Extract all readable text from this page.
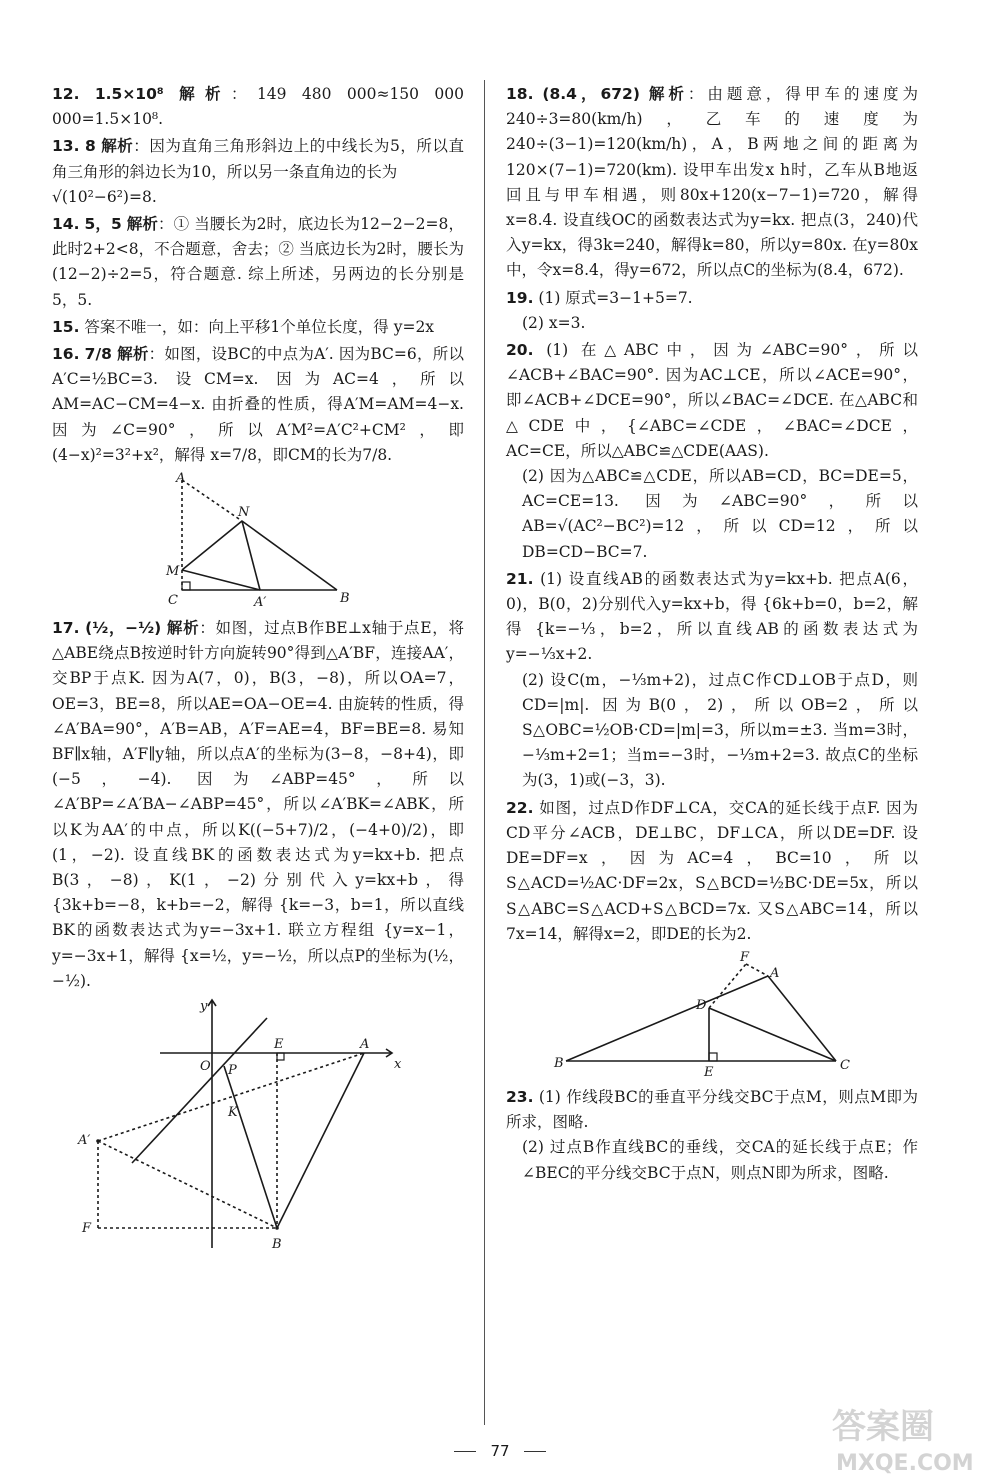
12. 1.5×10⁸ 解析：149 480 000≈150 000 000=1.5×10⁸.
13. 8 解析：因为直角三角形斜边上的中线长为5，所以直角三角形的斜边长为10，所以另一条直角边的长为
√(10²−6²)=8.
14. 5，5 解析：① 当腰长为2时，底边长为12−2−2=8，此时2+2<8，不合题意，舍去；② 当底边长为2时，腰长为(12−2)÷2=5，符合题意. 综上所述，另两边的长分别是5，5.
15. 答案不唯一，如：向上平移1个单位长度，得 y=2x
16. 7/8 解析：如图，设BC的中点为A′. 因为BC=6，所以A′C=½BC=3. 设CM=x. 因为AC=4，所以AM=AC−CM=4−x. 由折叠的性质，得A′M=AM=4−x. 因为∠C=90°，所以A′M²=A′C²+CM²，即(4−x)²=3²+x²，解得 x=7/8，即CM的长为7/8.
A
N
M
C	A′	B
17. (½，−½) 解析：如图，过点B作BE⊥x轴于点E，将△ABE绕点B按逆时针方向旋转90°得到△A′BF，连接AA′，交BP于点K. 因为A(7，0)，B(3，−8)，所以OA=7，OE=3，BE=8，所以AE=OA−OE=4. 由旋转的性质，得∠A′BA=90°，A′B=AB，A′F=AE=4，BF=BE=8. 易知BF∥x轴，A′F∥y轴，所以点A′的坐标为(3−8，−8+4)，即(−5，−4). 因为∠ABP=45°，所以∠A′BP=∠A′BA−∠ABP=45°，所以∠A′BK=∠ABK，所以K为AA′的中点，所以K((−5+7)/2，(−4+0)/2)，即(1，−2). 设直线BK的函数表达式为y=kx+b. 把点B(3，−8)，K(1，−2)分别代入y=kx+b，得 {3k+b=−8，k+b=−2，解得 {k=−3，b=1，所以直线BK的函数表达式为y=−3x+1. 联立方程组 {y=x−1，y=−3x+1，解得 {x=½，y=−½，所以点P的坐标为(½，−½).
y
x
O P
E	A
K
A′
F
B
18. (8.4，672) 解析：由题意，得甲车的速度为240÷3=80(km/h)，乙车的速度为240÷(3−1)=120(km/h)，A，B两地之间的距离为120×(7−1)=720(km). 设甲车出发x h时，乙车从B地返回且与甲车相遇，则80x+120(x−7−1)=720，解得x=8.4. 设直线OC的函数表达式为y=kx. 把点(3，240)代入y=kx，得3k=240，解得k=80，所以y=80x. 在y=80x中，令x=8.4，得y=672，所以点C的坐标为(8.4，672).
19. (1) 原式=3−1+5=7.
(2) x=3.
20. (1) 在△ABC中，因为∠ABC=90°，所以∠ACB+∠BAC=90°. 因为AC⊥CE，所以∠ACE=90°，即∠ACB+∠DCE=90°，所以∠BAC=∠DCE. 在△ABC和△CDE中，{∠ABC=∠CDE，∠BAC=∠DCE，AC=CE，所以△ABC≌△CDE(AAS).
(2) 因为△ABC≌△CDE，所以AB=CD，BC=DE=5，AC=CE=13. 因为∠ABC=90°，所以AB=√(AC²−BC²)=12，所以CD=12，所以DB=CD−BC=7.
21. (1) 设直线AB的函数表达式为y=kx+b. 把点A(6，0)，B(0，2)分别代入y=kx+b，得 {6k+b=0，b=2，解得 {k=−⅓，b=2，所以直线AB的函数表达式为y=−⅓x+2.
(2) 设C(m，−⅓m+2)，过点C作CD⊥OB于点D，则CD=|m|. 因为B(0，2)，所以OB=2，所以S△OBC=½OB·CD=|m|=3，所以m=±3. 当m=3时，−⅓m+2=1；当m=−3时，−⅓m+2=3. 故点C的坐标为(3，1)或(−3，3).
22. 如图，过点D作DF⊥CA，交CA的延长线于点F. 因为CD平分∠ACB，DE⊥BC，DF⊥CA，所以DE=DF. 设DE=DF=x，因为AC=4，BC=10，所以S△ACD=½AC·DF=2x，S△BCD=½BC·DE=5x，所以S△ABC=S△ACD+S△BCD=7x. 又S△ABC=14，所以7x=14，解得x=2，即DE的长为2.
F
A
D
B
E	C
23. (1) 作线段BC的垂直平分线交BC于点M，则点M即为所求，图略.
(2) 过点B作直线BC的垂线，交CA的延长线于点E；作∠BEC的平分线交BC于点N，则点N即为所求，图略.
77
答案圈
MXQE.COM
